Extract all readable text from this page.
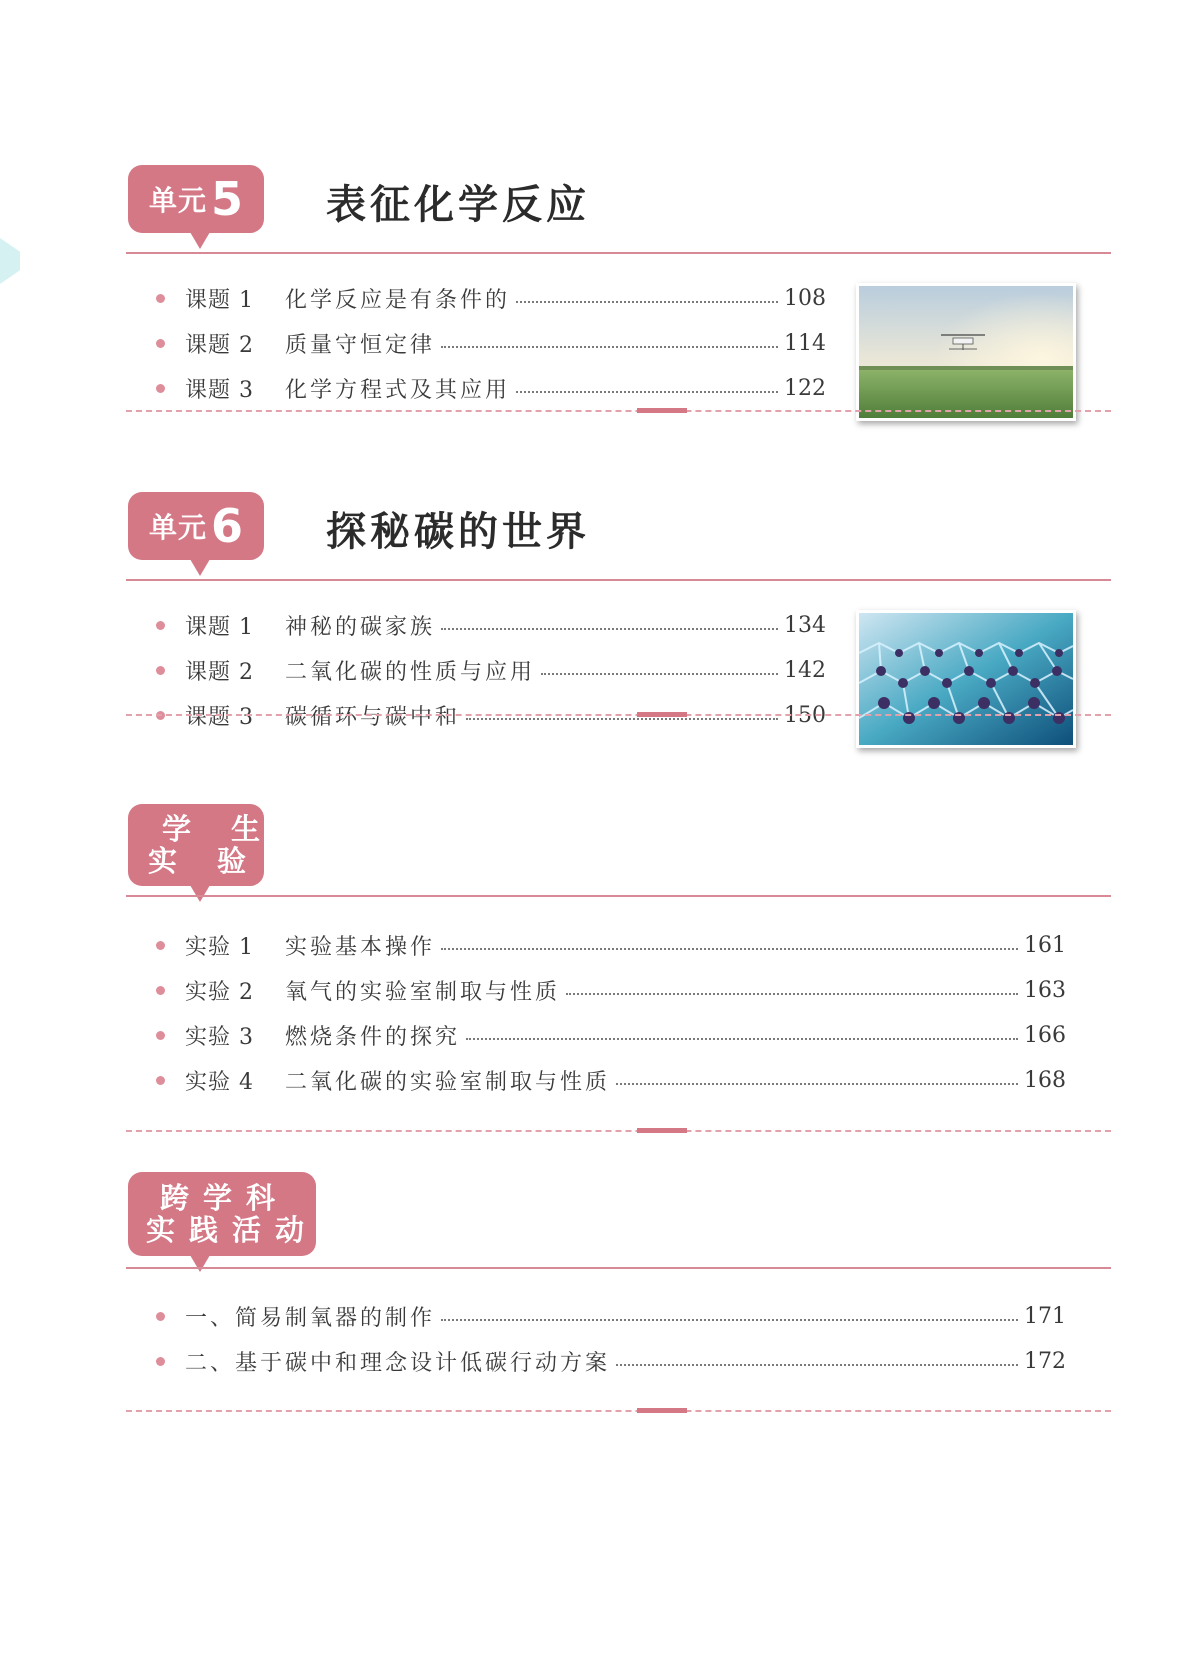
单元 5 表征化学反应
课题 1	化学反应是有条件的	108
课题 2	质量守恒定律	114
课题 3	化学方程式及其应用	122
单元 6 探秘碳的世界
课题 1	神秘的碳家族	134
课题 2	二氧化碳的性质与应用	142
课题 3	碳循环与碳中和	150
学生
实验
实验 1	实验基本操作	161
实验 2	氧气的实验室制取与性质	163
实验 3	燃烧条件的探究	166
实验 4	二氧化碳的实验室制取与性质	168
跨学科
实践活动
一、简易制氧器的制作	171
二、基于碳中和理念设计低碳行动方案	172
